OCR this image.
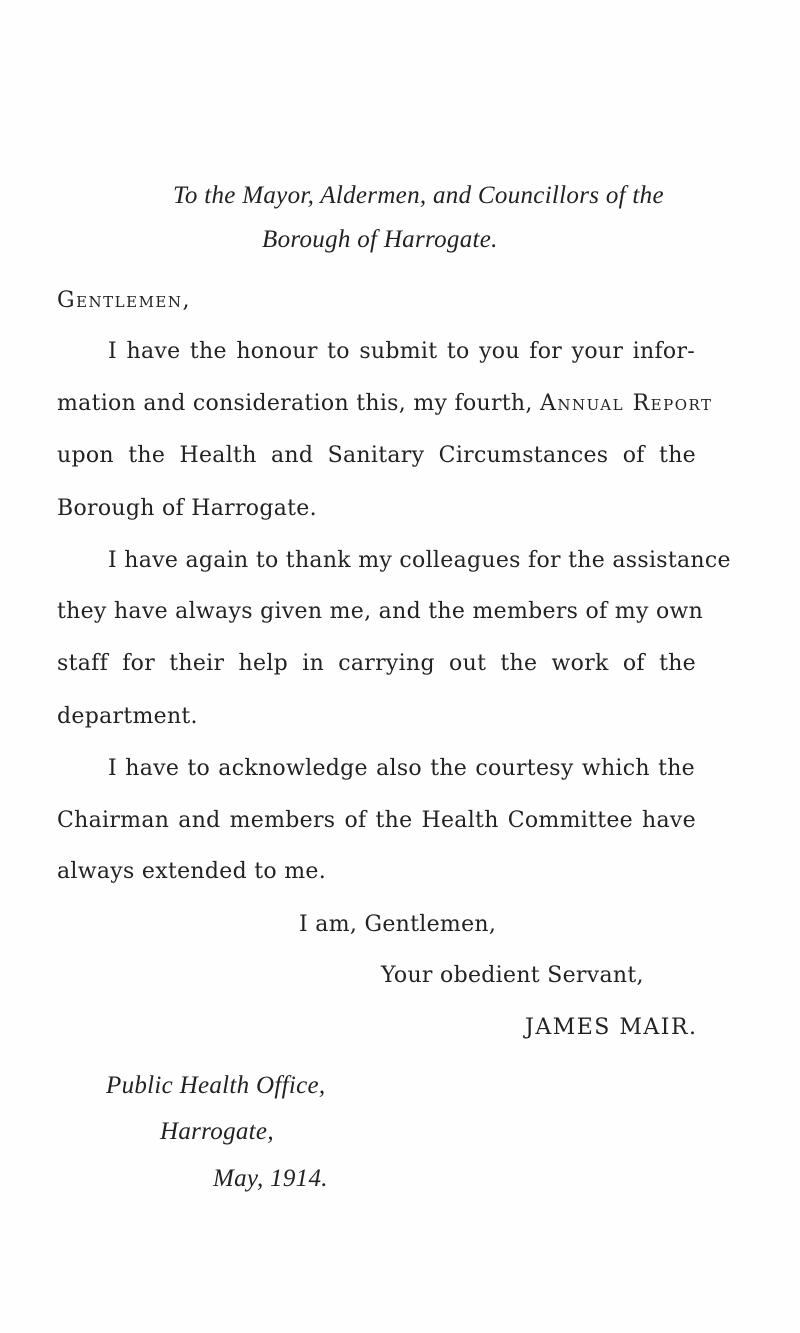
To the Mayor, Aldermen, and Councillors of the
Borough of Harrogate.
Gentlemen,
I have the honour to submit to you for your infor-
mation and consideration this, my fourth, Annual Report
upon the Health and Sanitary Circumstances of the
Borough of Harrogate.
I have again to thank my colleagues for the assistance
they have always given me, and the members of my own
staff for their help in carrying out the work of the
department.
I have to acknowledge also the courtesy which the
Chairman and members of the Health Committee have
always extended to me.
I am, Gentlemen,
Your obedient Servant,
JAMES MAIR.
Public Health Office,
Harrogate,
May, 1914.
